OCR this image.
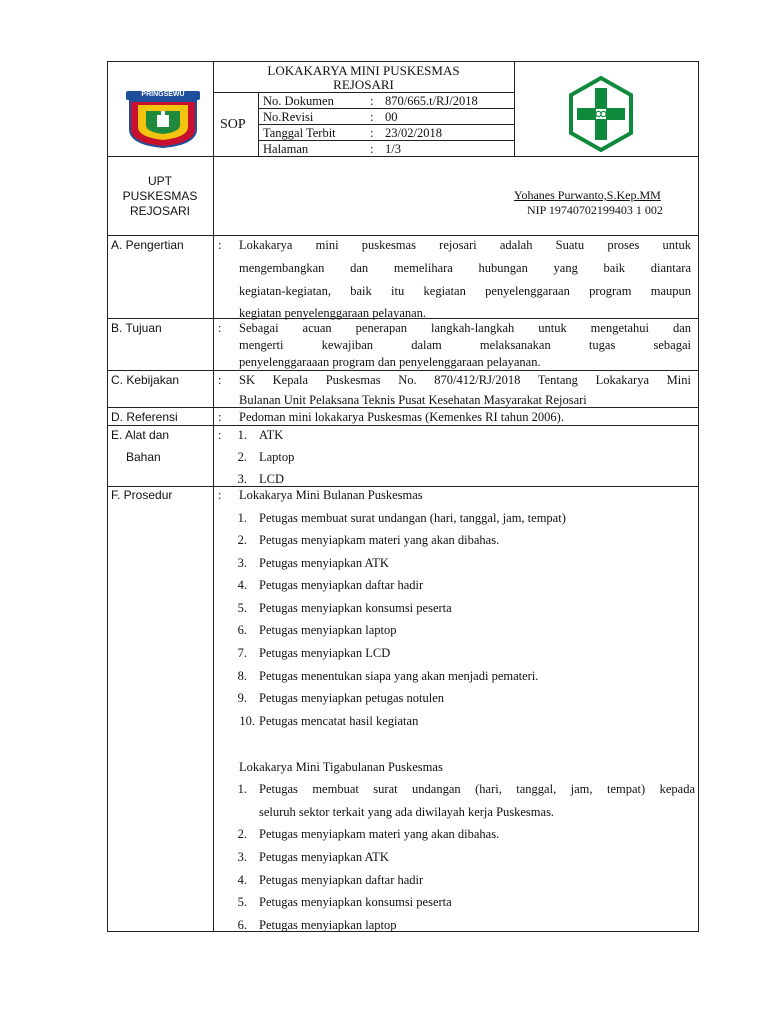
PRINGSEWU
LOKAKARYA MINI PUSKESMAS
REJOSARI
SOP
No. Dokumen	: 870/665.t/RJ/2018
No.Revisi	: 00
Tanggal Terbit	: 23/02/2018
Halaman	: 1/3
UPT
PUSKESMAS
REJOSARI
Yohanes Purwanto,S.Kep.MM
NIP 19740702199403 1 002
A. Pengertian	: Lokakarya mini puskesmas rejosari adalah Suatu proses untuk
mengembangkan dan memelihara hubungan yang baik diantara
kegiatan-kegiatan, baik itu kegiatan penyelenggaraan program maupun
kegiatan penyelenggaraan pelayanan.
B. Tujuan	: Sebagai acuan penerapan langkah-langkah untuk mengetahui dan
mengerti kewajiban dalam melaksanakan tugas sebagai
penyelenggaraaan program dan penyelenggaraan pelayanan.
C. Kebijakan	: SK Kepala Puskesmas No. 870/412/RJ/2018 Tentang Lokakarya Mini
Bulanan Unit Pelaksana Teknis Pusat Kesehatan Masyarakat Rejosari
D. Referensi	: Pedoman mini lokakarya Puskesmas (Kemenkes RI tahun 2006).
E. Alat dan
Bahan
:	1. ATK
2. Laptop
3. LCD
F. Prosedur	: Lokakarya Mini Bulanan Puskesmas
1. Petugas membuat surat undangan (hari, tanggal, jam, tempat)
2. Petugas menyiapkam materi yang akan dibahas.
3. Petugas menyiapkan ATK
4. Petugas menyiapkan daftar hadir
5. Petugas menyiapkan konsumsi peserta
6. Petugas menyiapkan laptop
7. Petugas menyiapkan LCD
8. Petugas menentukan siapa yang akan menjadi pemateri.
9. Petugas menyiapkan petugas notulen
10. Petugas mencatat hasil kegiatan
Lokakarya Mini Tigabulanan Puskesmas
1. Petugas membuat surat undangan (hari, tanggal, jam, tempat) kepada
seluruh sektor terkait yang ada diwilayah kerja Puskesmas.
2. Petugas menyiapkam materi yang akan dibahas.
3. Petugas menyiapkan ATK
4. Petugas menyiapkan daftar hadir
5. Petugas menyiapkan konsumsi peserta
6. Petugas menyiapkan laptop
